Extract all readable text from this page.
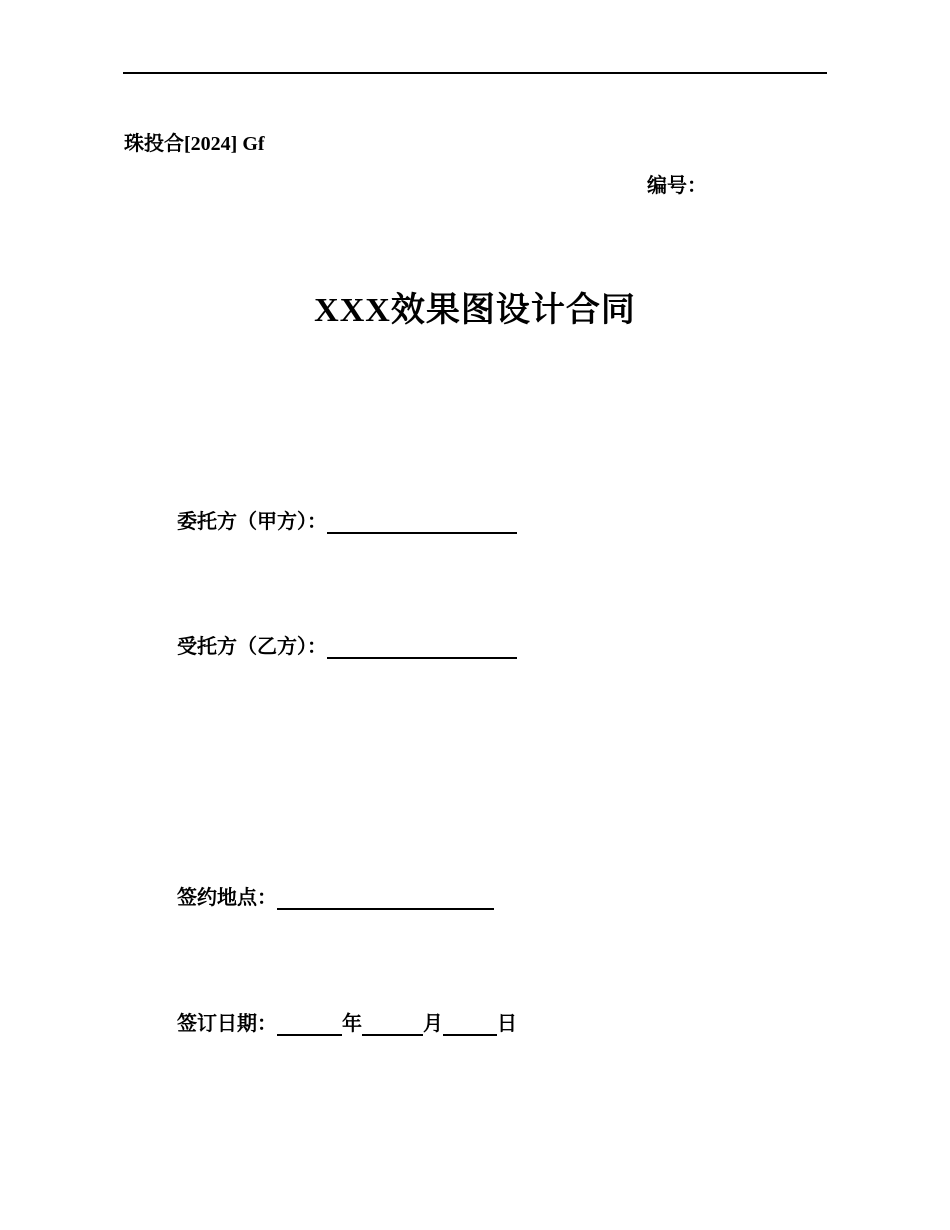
珠投合[2024] Gf
编号：
XXX效果图设计合同
委托方（甲方）：
受托方（乙方）：
签约地点：
签订日期：	年	月	日
